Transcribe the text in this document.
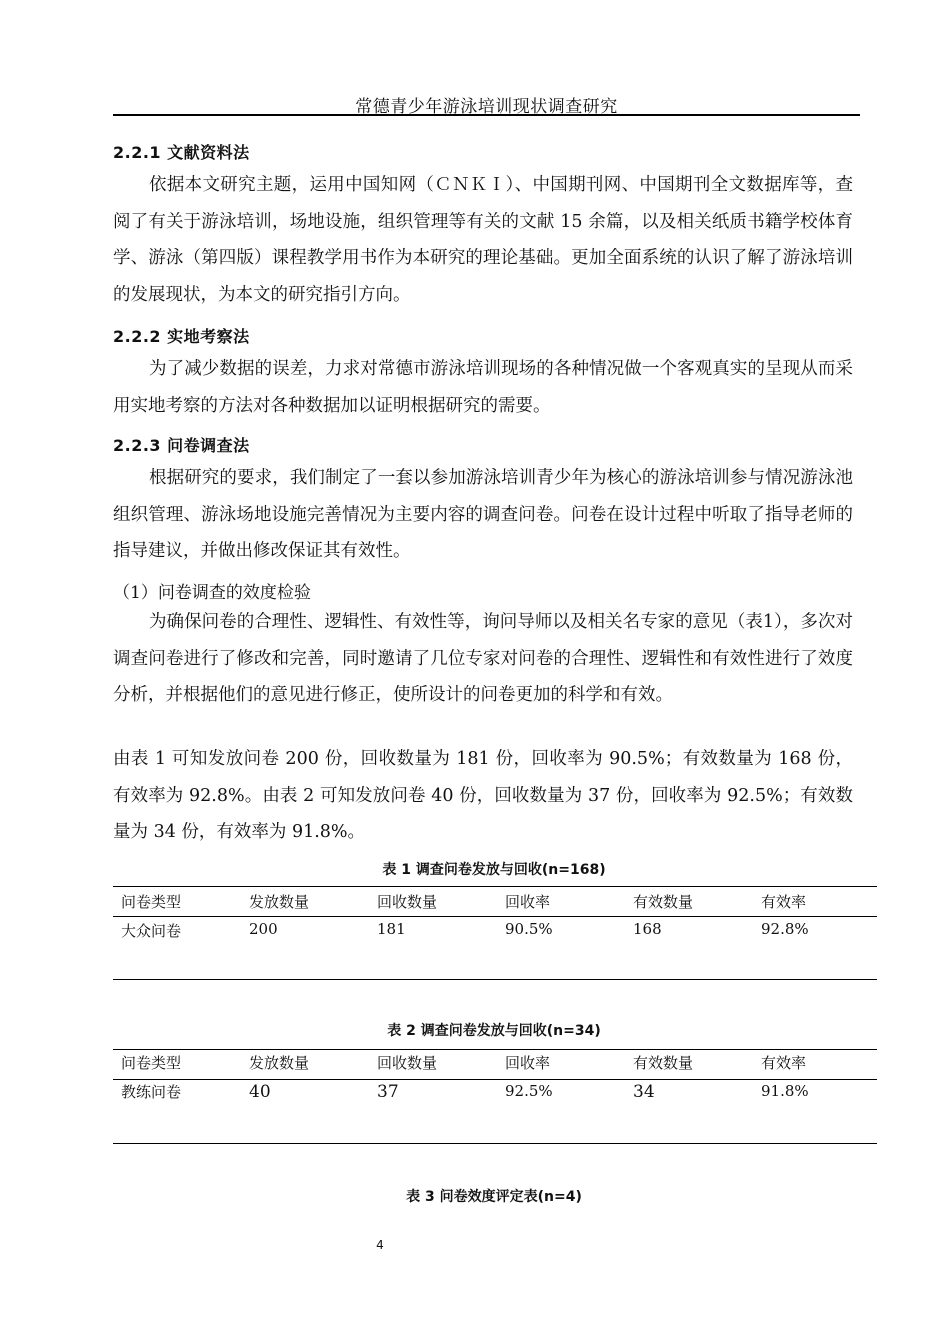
常德青少年游泳培训现状调查研究
2.2.1 文献资料法

依据本文研究主题，运用中国知网（ＣＮＫＩ）、中国期刊网、中国期刊全文数据库等，查阅了有关于游泳培训，场地设施，组织管理等有关的文献 15 余篇，以及相关纸质书籍学校体育学、游泳（第四版）课程教学用书作为本研究的理论基础。更加全面系统的认识了解了游泳培训的发展现状，为本文的研究指引方向。

2.2.2 实地考察法

为了减少数据的误差，力求对常德市游泳培训现场的各种情况做一个客观真实的呈现从而采用实地考察的方法对各种数据加以证明根据研究的需要。

2.2.3 问卷调查法

根据研究的要求，我们制定了一套以参加游泳培训青少年为核心的游泳培训参与情况游泳池组织管理、游泳场地设施完善情况为主要内容的调查问卷。问卷在设计过程中听取了指导老师的指导建议，并做出修改保证其有效性。

（1）问卷调查的效度检验

为确保问卷的合理性、逻辑性、有效性等，询问导师以及相关名专家的意见（表1），多次对调查问卷进行了修改和完善，同时邀请了几位专家对问卷的合理性、逻辑性和有效性进行了效度分析，并根据他们的意见进行修正，使所设计的问卷更加的科学和有效。

由表 1 可知发放问卷 200 份，回收数量为 181 份，回收率为 90.5%；有效数量为 168 份，有效率为 92.8%。由表 2 可知发放问卷 40 份，回收数量为 37 份，回收率为 92.5%；有效数量为 34 份，有效率为 91.8%。

表 1 调查问卷发放与回收(n=168)
问卷类型	发放数量	回收数量	回收率	有效数量	有效率
大众问卷	200	181	90.5%	168	92.8%
表 2 调查问卷发放与回收(n=34)
问卷类型	发放数量	回收数量	回收率	有效数量	有效率
教练问卷	40	37	92.5%	34	91.8%
表 3 问卷效度评定表(n=4)
4
